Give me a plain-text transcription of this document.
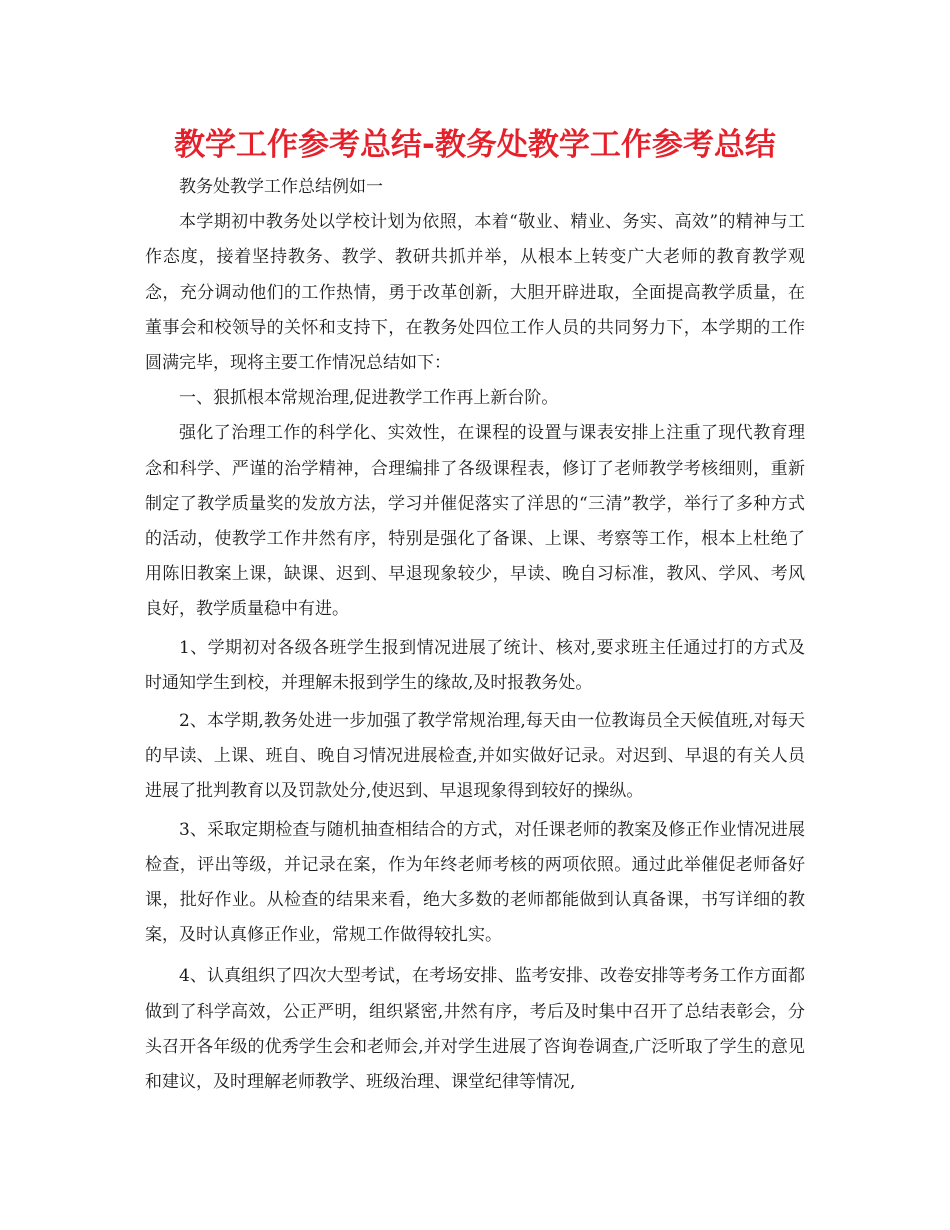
教学工作参考总结-教务处教学工作参考总结

教务处教学工作总结例如一

本学期初中教务处以学校计划为依照，本着“敬业、精业、务实、高效”的精神与工作态度，接着坚持教务、教学、教研共抓并举，从根本上转变广大老师的教育教学观念，充分调动他们的工作热情，勇于改革创新，大胆开辟进取，全面提高教学质量，在董事会和校领导的关怀和支持下，在教务处四位工作人员的共同努力下，本学期的工作圆满完毕，现将主要工作情况总结如下：

一、狠抓根本常规治理,促进教学工作再上新台阶。

强化了治理工作的科学化、实效性，在课程的设置与课表安排上注重了现代教育理念和科学、严谨的治学精神，合理编排了各级课程表，修订了老师教学考核细则，重新制定了教学质量奖的发放方法，学习并催促落实了洋思的“三清”教学，举行了多种方式的活动，使教学工作井然有序，特别是强化了备课、上课、考察等工作，根本上杜绝了用陈旧教案上课，缺课、迟到、早退现象较少，早读、晚自习标准，教风、学风、考风良好，教学质量稳中有进。

1、学期初对各级各班学生报到情况进展了统计、核对,要求班主任通过打的方式及时通知学生到校，并理解未报到学生的缘故,及时报教务处。

2、本学期,教务处进一步加强了教学常规治理,每天由一位教诲员全天候值班,对每天的早读、上课、班自、晚自习情况进展检查,并如实做好记录。对迟到、早退的有关人员进展了批判教育以及罚款处分,使迟到、早退现象得到较好的操纵。

3、采取定期检查与随机抽查相结合的方式，对任课老师的教案及修正作业情况进展检查，评出等级，并记录在案，作为年终老师考核的两项依照。通过此举催促老师备好课，批好作业。从检查的结果来看，绝大多数的老师都能做到认真备课，书写详细的教案，及时认真修正作业，常规工作做得较扎实。

4、认真组织了四次大型考试，在考场安排、监考安排、改卷安排等考务工作方面都做到了科学高效，公正严明，组织紧密,井然有序，考后及时集中召开了总结表彰会，分头召开各年级的优秀学生会和老师会,并对学生进展了咨询卷调查,广泛听取了学生的意见和建议，及时理解老师教学、班级治理、课堂纪律等情况,
